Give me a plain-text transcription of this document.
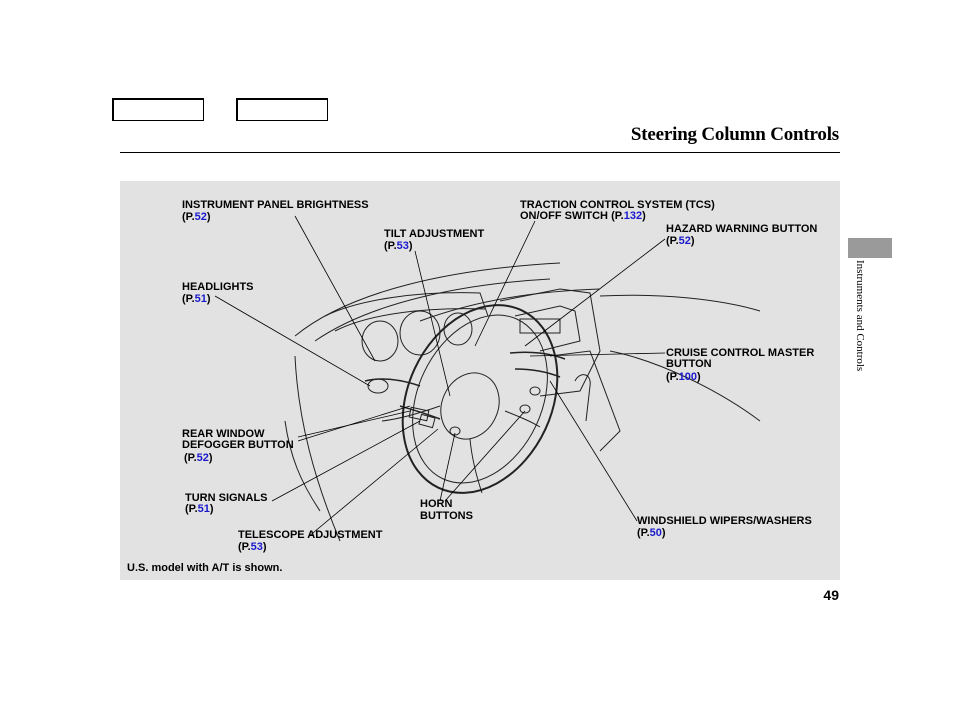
Steering Column Controls
Instruments and Controls
INSTRUMENT PANEL BRIGHTNESS
(P.52)
TILT ADJUSTMENT
(P.53)
TRACTION CONTROL SYSTEM (TCS)
ON/OFF SWITCH (P.132)
HAZARD WARNING BUTTON
(P.52)
HEADLIGHTS
(P.51)
CRUISE CONTROL MASTER
BUTTON
(P.100)
REAR WINDOW
DEFOGGER BUTTON
(P.52)
TURN SIGNALS
(P.51)	HORN
BUTTONS	WINDSHIELD WIPERS/WASHERS
(P.50)
TELESCOPE ADJUSTMENT
(P.53)
U.S. model with A/T is shown.
49
